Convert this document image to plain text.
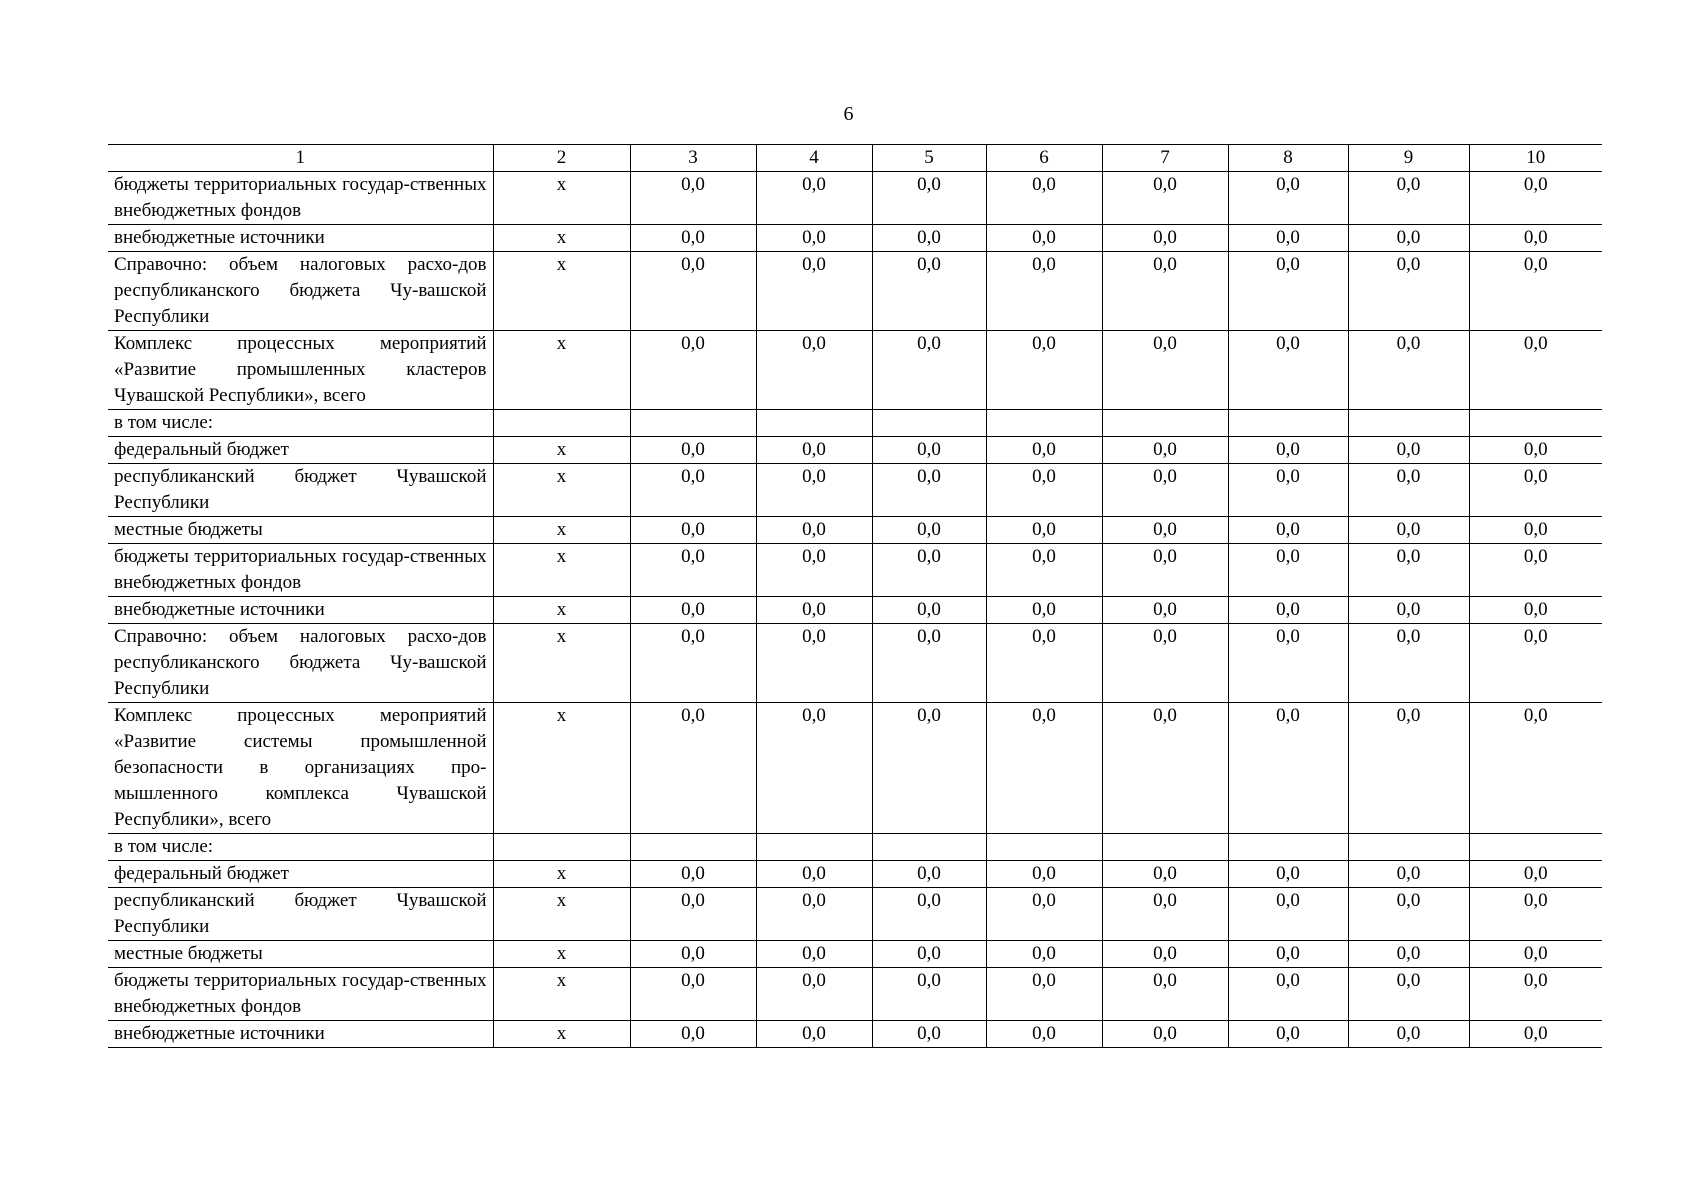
6
1	2	3	4	5	6	7	8	9	10
бюджеты территориальных государ-ственных внебюджетных фондов	х	0,0	0,0	0,0	0,0	0,0	0,0	0,0	0,0
внебюджетные источники	х	0,0	0,0	0,0	0,0	0,0	0,0	0,0	0,0
Справочно: объем налоговых расхо-дов республиканского бюджета Чу-вашской Республики	х	0,0	0,0	0,0	0,0	0,0	0,0	0,0	0,0
Комплекс процессных мероприятий «Развитие промышленных кластеров Чувашской Республики», всего	х	0,0	0,0	0,0	0,0	0,0	0,0	0,0	0,0
в том числе:									
федеральный бюджет	х	0,0	0,0	0,0	0,0	0,0	0,0	0,0	0,0
республиканский бюджет Чувашской Республики	х	0,0	0,0	0,0	0,0	0,0	0,0	0,0	0,0
местные бюджеты	х	0,0	0,0	0,0	0,0	0,0	0,0	0,0	0,0
бюджеты территориальных государ-ственных внебюджетных фондов	х	0,0	0,0	0,0	0,0	0,0	0,0	0,0	0,0
внебюджетные источники	х	0,0	0,0	0,0	0,0	0,0	0,0	0,0	0,0
Справочно: объем налоговых расхо-дов республиканского бюджета Чу-вашской Республики	х	0,0	0,0	0,0	0,0	0,0	0,0	0,0	0,0
Комплекс процессных мероприятий «Развитие системы промышленной безопасности в организациях про-мышленного комплекса Чувашской Республики», всего	х	0,0	0,0	0,0	0,0	0,0	0,0	0,0	0,0
в том числе:									
федеральный бюджет	х	0,0	0,0	0,0	0,0	0,0	0,0	0,0	0,0
республиканский бюджет Чувашской Республики	х	0,0	0,0	0,0	0,0	0,0	0,0	0,0	0,0
местные бюджеты	х	0,0	0,0	0,0	0,0	0,0	0,0	0,0	0,0
бюджеты территориальных государ-ственных внебюджетных фондов	х	0,0	0,0	0,0	0,0	0,0	0,0	0,0	0,0
внебюджетные источники	х	0,0	0,0	0,0	0,0	0,0	0,0	0,0	0,0
